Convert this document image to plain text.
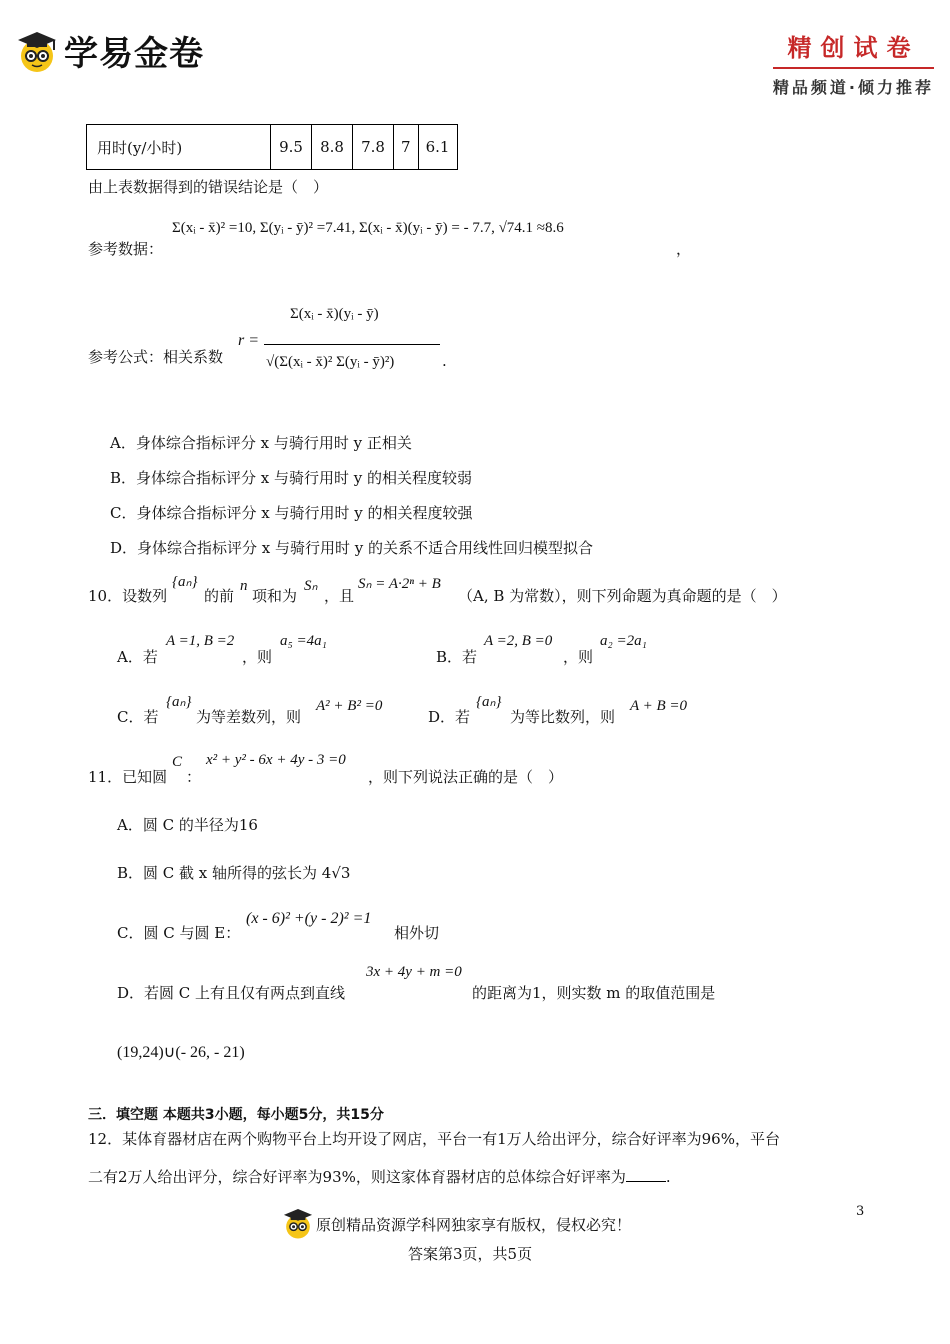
学易金卷	精创试卷
精品频道·倾力推荐
用时(y/小时)	9.5	8.8	7.8	7	6.1
由上表数据得到的错误结论是（　）
参考数据：
Σ(xᵢ - x̄)² =10, Σ(yᵢ - ȳ)² =7.41, Σ(xᵢ - x̄)(yᵢ - ȳ) = - 7.7, √74.1 ≈8.6
，
参考公式：相关系数
r =
Σ(xᵢ - x̄)(yᵢ - ȳ)
√(Σ(xᵢ - x̄)² Σ(yᵢ - ȳ)²)	.
A．身体综合指标评分 x 与骑行用时 y 正相关
B．身体综合指标评分 x 与骑行用时 y 的相关程度较弱
C．身体综合指标评分 x 与骑行用时 y 的相关程度较强
D．身体综合指标评分 x 与骑行用时 y 的关系不适合用线性回归模型拟合
10．设数列
{aₙ}
的前
n
项和为
Sₙ
，且
Sₙ = A·2ⁿ + B
（A, B 为常数），则下列命题为真命题的是（　）
A．若
A =1, B =2
，则
a₅ =4a₁
B．若
A =2, B =0
，则
a₂ =2a₁
C．若
{aₙ}
为等差数列，则
A² + B² =0
D．若
{aₙ}
为等比数列，则
A + B =0
11．已知圆
C
：
x² + y² - 6x + 4y - 3 =0
，则下列说法正确的是（　）
A．圆 C 的半径为16
B．圆 C 截 x 轴所得的弦长为 4√3
C．圆 C 与圆 E：
(x - 6)² +(y - 2)² =1
相外切
D．若圆 C 上有且仅有两点到直线
3x + 4y + m =0
的距离为1，则实数 m 的取值范围是
(19,24)∪(- 26, - 21)
三．填空题 本题共3小题，每小题5分，共15分
12．某体育器材店在两个购物平台上均开设了网店，平台一有1万人给出评分，综合好评率为96%，平台
二有2万人给出评分，综合好评率为93%，则这家体育器材店的总体综合好评率为	.
3
原创精品资源学科网独家享有版权，侵权必究！
答案第3页，共5页
